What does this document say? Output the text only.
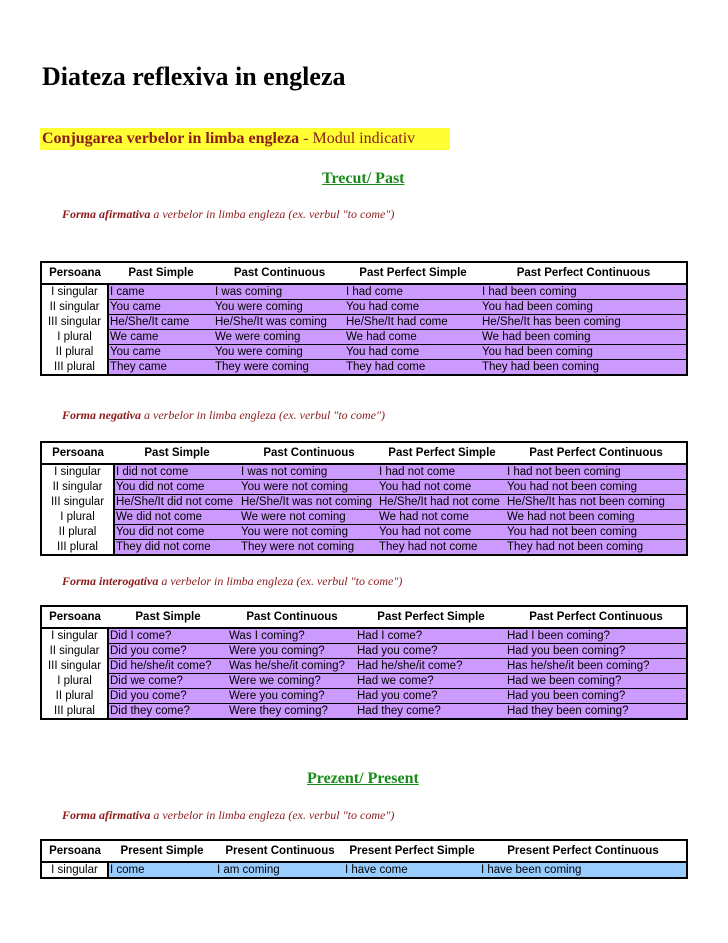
Diateza reflexiva in engleza
Conjugarea verbelor in limba engleza - Modul indicativ
Trecut/ Past
Forma afirmativa a verbelor in limba engleza (ex. verbul "to come")
Persoana	Past Simple	Past Continuous	Past Perfect Simple	Past Perfect Continuous
I singular	I came	I was coming	I had come	I had been coming
II singular	You came	You were coming	You had come	You had been coming
III singular	He/She/It came	He/She/It was coming	He/She/It had come	He/She/It has been coming
I plural	We came	We were coming	We had come	We had been coming
II plural	You came	You were coming	You had come	You had been coming
III plural	They came	They were coming	They had come	They had been coming
Forma negativa a verbelor in limba engleza (ex. verbul "to come")
Persoana	Past Simple	Past Continuous	Past Perfect Simple	Past Perfect Continuous
I singular	I did not come	I was not coming	I had not come	I had not been coming
II singular	You did not come	You were not coming	You had not come	You had not been coming
III singular	He/She/It did not come	He/She/It was not coming	He/She/It had not come	He/She/It has not been coming
I plural	We did not come	We were not coming	We had not come	We had not been coming
II plural	You did not come	You were not coming	You had not come	You had not been coming
III plural	They did not come	They were not coming	They had not come	They had not been coming
Forma interogativa a verbelor in limba engleza (ex. verbul "to come")
Persoana	Past Simple	Past Continuous	Past Perfect Simple	Past Perfect Continuous
I singular	Did I come?	Was I coming?	Had I come?	Had I been coming?
II singular	Did you come?	Were you coming?	Had you come?	Had you been coming?
III singular	Did he/she/it come?	Was he/she/it coming?	Had he/she/it come?	Has he/she/it been coming?
I plural	Did we come?	Were we coming?	Had we come?	Had we been coming?
II plural	Did you come?	Were you coming?	Had you come?	Had you been coming?
III plural	Did they come?	Were they coming?	Had they come?	Had they been coming?
Prezent/ Present
Forma afirmativa a verbelor in limba engleza (ex. verbul "to come")
Persoana	Present Simple	Present Continuous	Present Perfect Simple	Present Perfect Continuous
I singular	I come	I am coming	I have come	I have been coming
